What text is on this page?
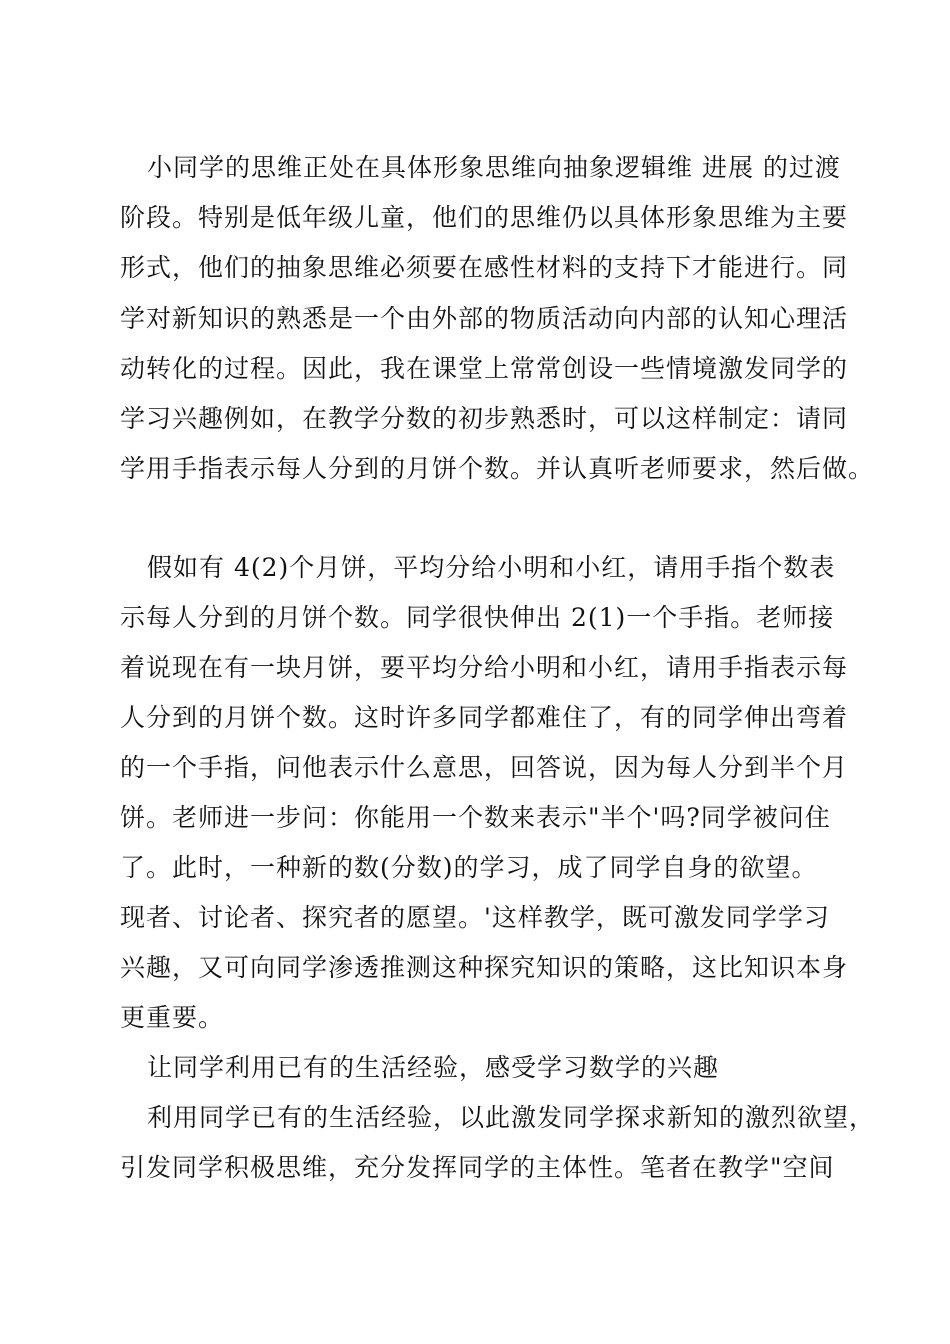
小同学的思维正处在具体形象思维向抽象逻辑维 进展 的过渡
阶段。特别是低年级儿童，他们的思维仍以具体形象思维为主要
形式，他们的抽象思维必须要在感性材料的支持下才能进行。同
学对新知识的熟悉是一个由外部的物质活动向内部的认知心理活
动转化的过程。因此，我在课堂上常常创设一些情境激发同学的
学习兴趣例如，在教学分数的初步熟悉时，可以这样制定：请同
学用手指表示每人分到的月饼个数。并认真听老师要求，然后做。
假如有 4(2)个月饼，平均分给小明和小红，请用手指个数表
示每人分到的月饼个数。同学很快伸出 2(1)一个手指。老师接
着说现在有一块月饼，要平均分给小明和小红，请用手指表示每
人分到的月饼个数。这时许多同学都难住了，有的同学伸出弯着
的一个手指，问他表示什么意思，回答说，因为每人分到半个月
饼。老师进一步问：你能用一个数来表示"半个'吗?同学被问住
了。此时，一种新的数(分数)的学习，成了同学自身的欲望。
现者、讨论者、探究者的愿望。'这样教学，既可激发同学学习
兴趣，又可向同学渗透推测这种探究知识的策略，这比知识本身
更重要。
让同学利用已有的生活经验，感受学习数学的兴趣
利用同学已有的生活经验，以此激发同学探求新知的激烈欲望，
引发同学积极思维，充分发挥同学的主体性。笔者在教学"空间
